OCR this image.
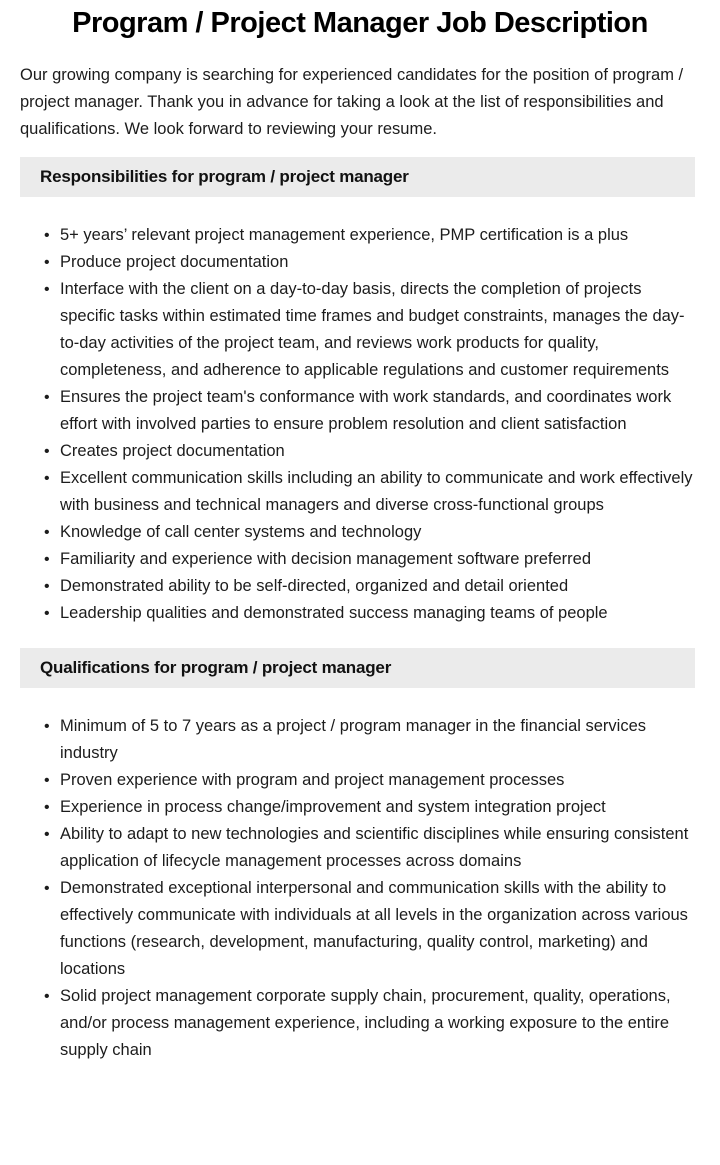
Program / Project Manager Job Description

Our growing company is searching for experienced candidates for the position of program / project manager. Thank you in advance for taking a look at the list of responsibilities and qualifications. We look forward to reviewing your resume.

Responsibilities for program / project manager
• 5+ years’ relevant project management experience, PMP certification is a plus
• Produce project documentation
• Interface with the client on a day-to-day basis, directs the completion of projects specific tasks within estimated time frames and budget constraints, manages the day-to-day activities of the project team, and reviews work products for quality, completeness, and adherence to applicable regulations and customer requirements
• Ensures the project team's conformance with work standards, and coordinates work effort with involved parties to ensure problem resolution and client satisfaction
• Creates project documentation
• Excellent communication skills including an ability to communicate and work effectively with business and technical managers and diverse cross-functional groups
• Knowledge of call center systems and technology
• Familiarity and experience with decision management software preferred
• Demonstrated ability to be self-directed, organized and detail oriented
• Leadership qualities and demonstrated success managing teams of people
Qualifications for program / project manager
• Minimum of 5 to 7 years as a project / program manager in the financial services industry
• Proven experience with program and project management processes
• Experience in process change/improvement and system integration project
• Ability to adapt to new technologies and scientific disciplines while ensuring consistent application of lifecycle management processes across domains
• Demonstrated exceptional interpersonal and communication skills with the ability to effectively communicate with individuals at all levels in the organization across various functions (research, development, manufacturing, quality control, marketing) and locations
• Solid project management corporate supply chain, procurement, quality, operations, and/or process management experience, including a working exposure to the entire supply chain
